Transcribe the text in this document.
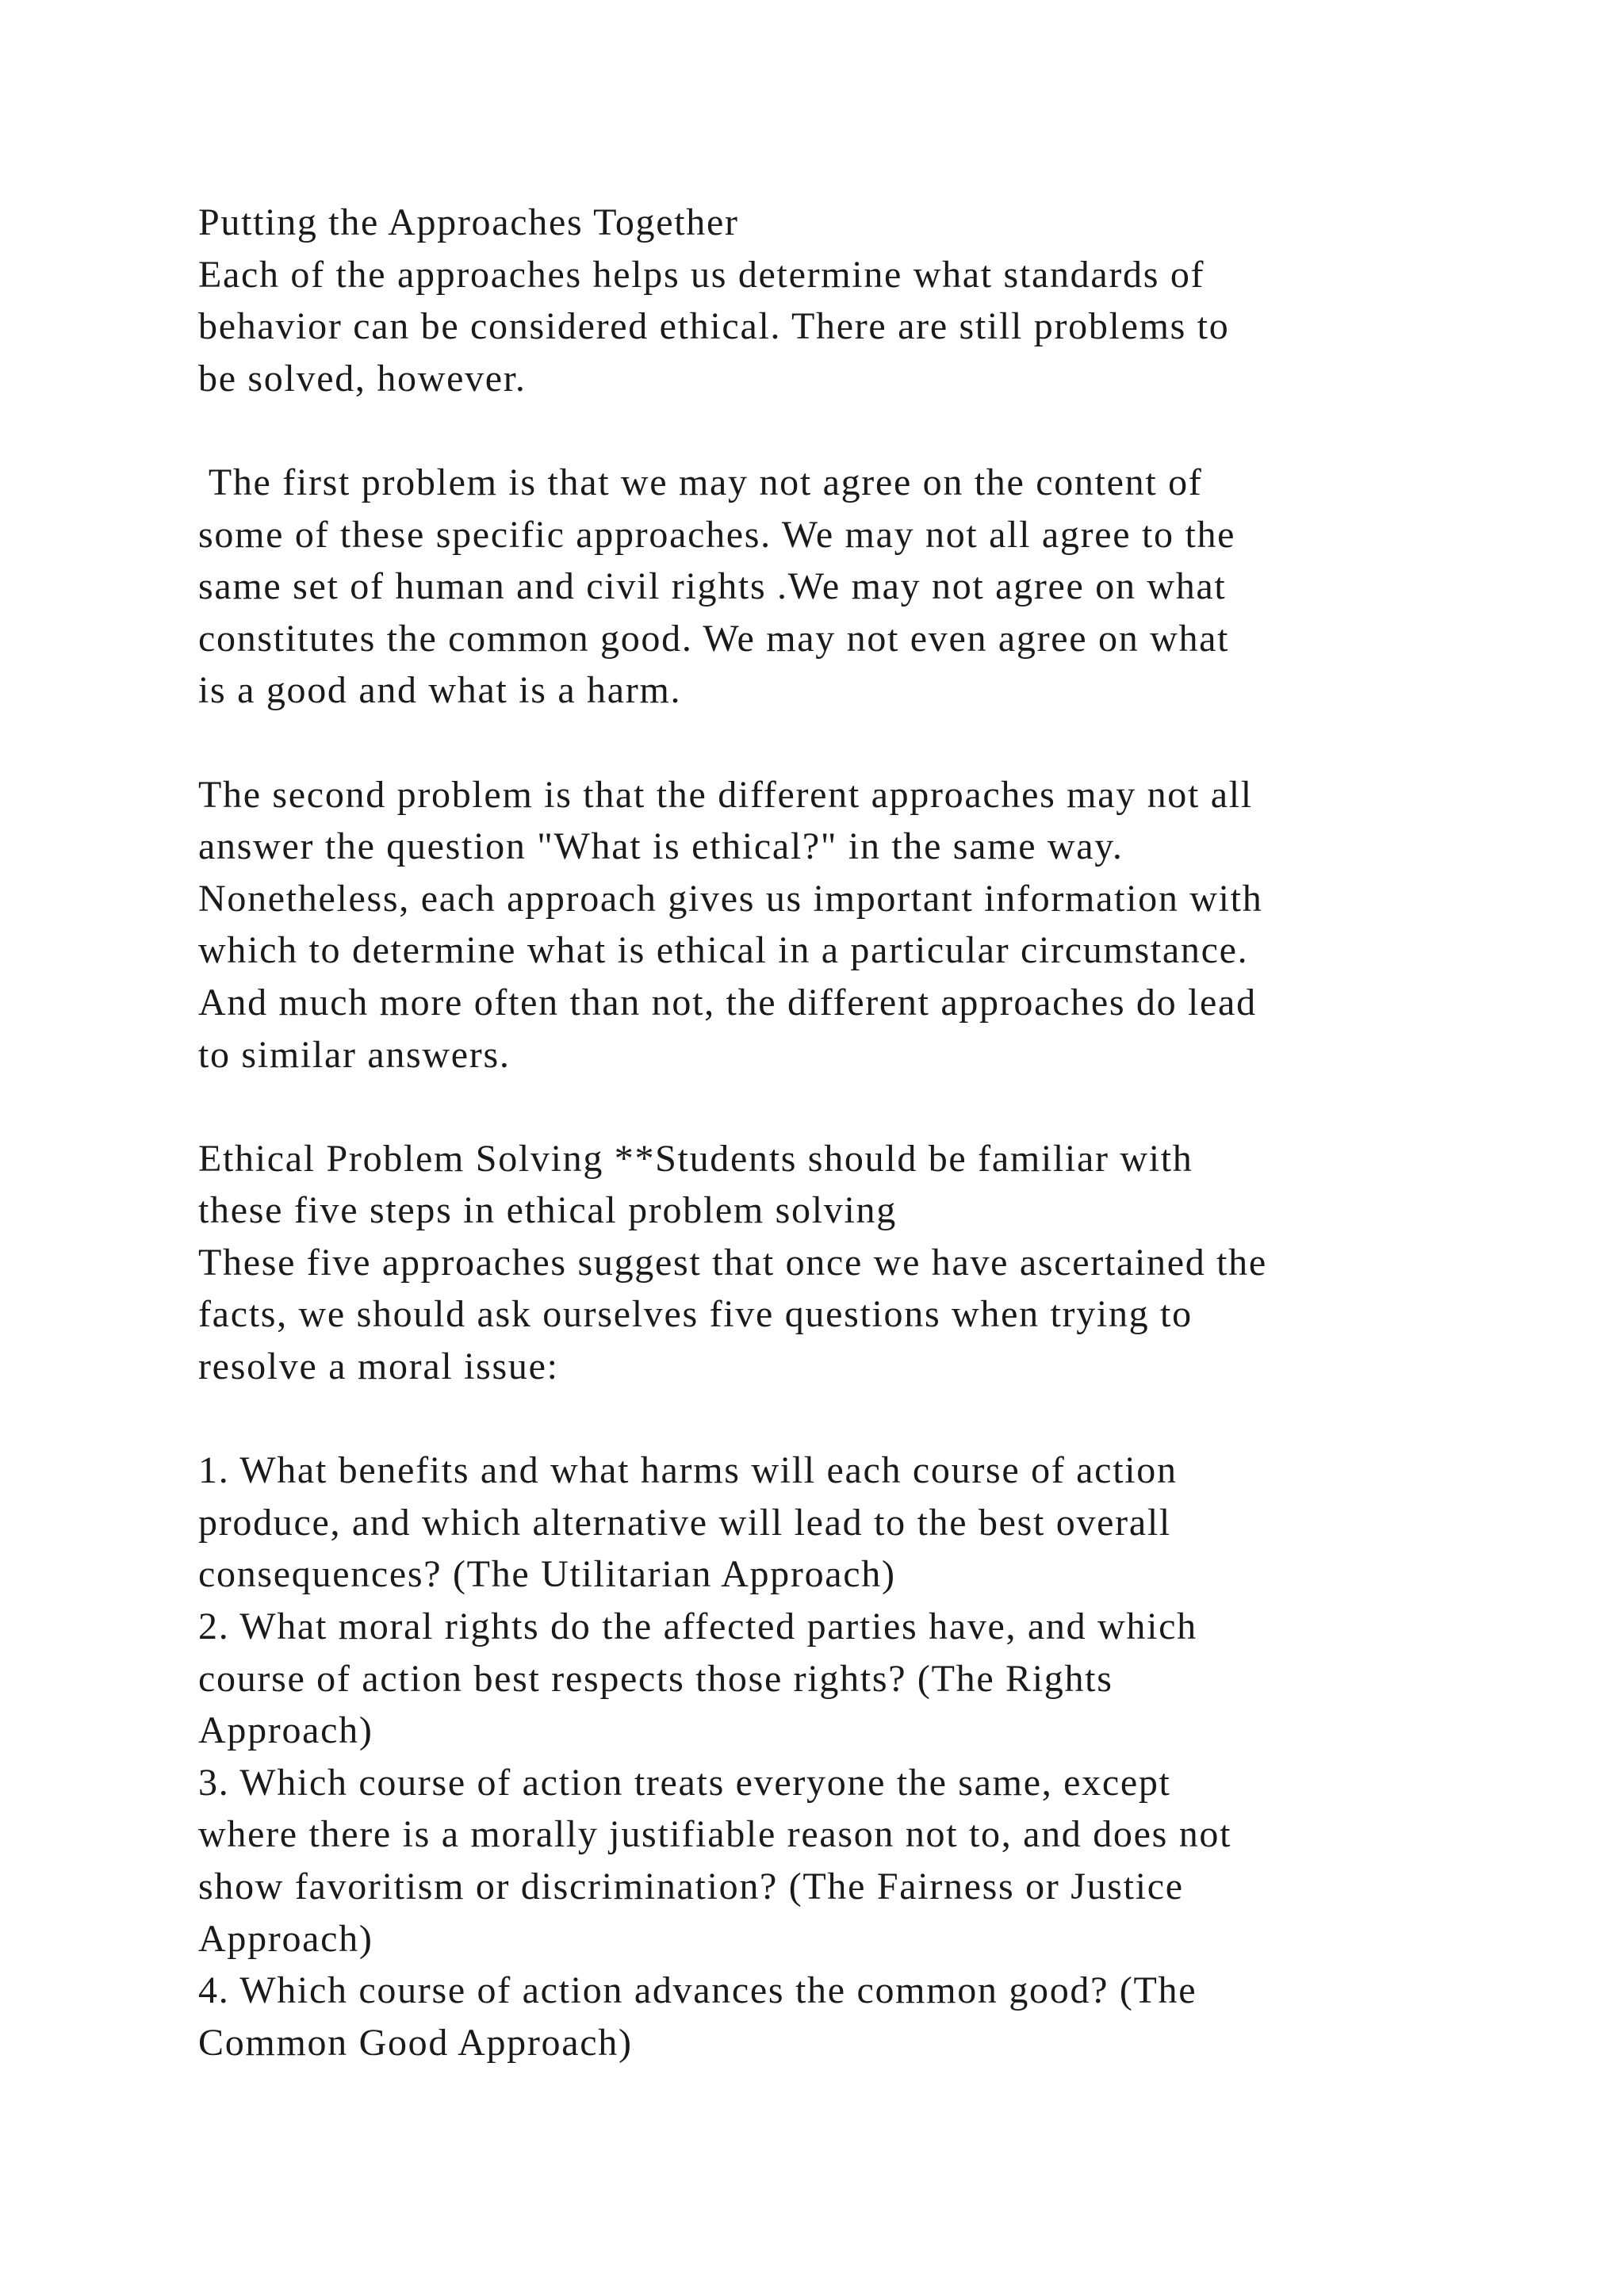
Putting the Approaches Together
Each of the approaches helps us determine what standards of
behavior can be considered ethical. There are still problems to
be solved, however.
The first problem is that we may not agree on the content of
some of these specific approaches. We may not all agree to the
same set of human and civil rights .We may not agree on what
constitutes the common good. We may not even agree on what
is a good and what is a harm.
The second problem is that the different approaches may not all
answer the question "What is ethical?" in the same way.
Nonetheless, each approach gives us important information with
which to determine what is ethical in a particular circumstance.
And much more often than not, the different approaches do lead
to similar answers.
Ethical Problem Solving **Students should be familiar with
these five steps in ethical problem solving
These five approaches suggest that once we have ascertained the
facts, we should ask ourselves five questions when trying to
resolve a moral issue:
1. What benefits and what harms will each course of action
produce, and which alternative will lead to the best overall
consequences? (The Utilitarian Approach)
2. What moral rights do the affected parties have, and which
course of action best respects those rights? (The Rights
Approach)
3. Which course of action treats everyone the same, except
where there is a morally justifiable reason not to, and does not
show favoritism or discrimination? (The Fairness or Justice
Approach)
4. Which course of action advances the common good? (The
Common Good Approach)
